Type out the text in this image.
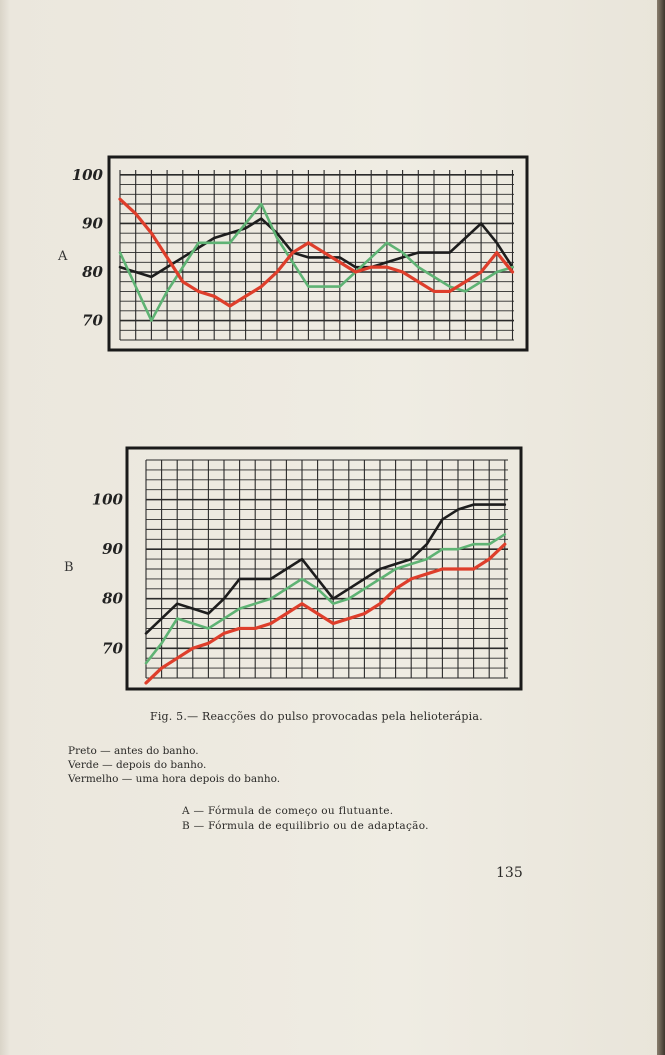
70
80
90
100
A
70
80
90
100
B
Fig. 5.— Reacções do pulso provocadas pela helioterápia.
Preto — antes do banho.
Verde — depois do banho.
Vermelho — uma hora depois do banho.
A — Fórmula de começo ou flutuante.
B — Fórmula de equilibrio ou de adaptação.
135
